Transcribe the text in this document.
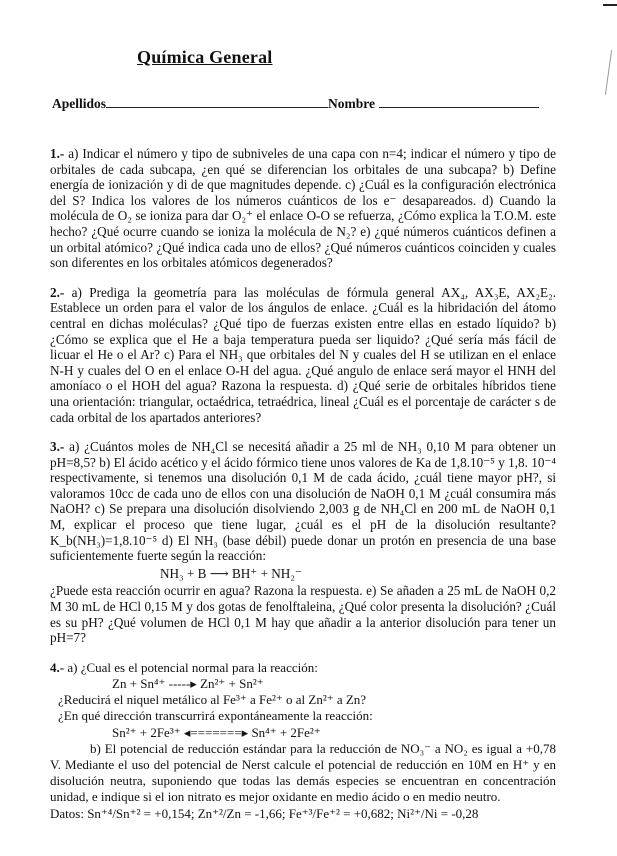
Química General
Apellidos	Nombre
1.- a) Indicar el número y tipo de subniveles de una capa con n=4; indicar el número y tipo de orbitales de cada subcapa, ¿en qué se diferencian los orbitales de una subcapa? b) Define energía de ionización y di de que magnitudes depende. c) ¿Cuál es la configuración electrónica del S? Indica los valores de los números cuánticos de los e⁻ desapareados. d) Cuando la molécula de O₂ se ioniza para dar O₂⁺ el enlace O-O se refuerza, ¿Cómo explica la T.O.M. este hecho? ¿Qué ocurre cuando se ioniza la molécula de N₂? e) ¿qué números cuánticos definen a un orbital atómico? ¿Qué indica cada uno de ellos? ¿Qué números cuánticos coinciden y cuales son diferentes en los orbitales atómicos degenerados?
2.- a) Prediga la geometría para las moléculas de fórmula general AX₄, AX₃E, AX₂E₂. Establece un orden para el valor de los ángulos de enlace. ¿Cuál es la hibridación del átomo central en dichas moléculas? ¿Qué tipo de fuerzas existen entre ellas en estado líquido? b) ¿Cómo se explica que el He a baja temperatura pueda ser liquido? ¿Qué sería más fácil de licuar el He o el Ar? c) Para el NH₃ que orbitales del N y cuales del H se utilizan en el enlace N-H y cuales del O en el enlace O-H del agua. ¿Qué angulo de enlace será mayor el HNH del amoníaco o el HOH del agua? Razona la respuesta. d) ¿Qué serie de orbitales híbridos tiene una orientación: triangular, octaédrica, tetraédrica, lineal ¿Cuál es el porcentaje de carácter s de cada orbital de los apartados anteriores?
3.- a) ¿Cuántos moles de NH₄Cl se necesitá añadir a 25 ml de NH₃ 0,10 M para obtener un pH=8,5? b) El ácido acético y el ácido fórmico tiene unos valores de Ka de 1,8.10⁻⁵ y 1,8. 10⁻⁴ respectivamente, si tenemos una disolución 0,1 M de cada ácido, ¿cuál tiene mayor pH?, si valoramos 10cc de cada uno de ellos con una disolución de NaOH 0,1 M ¿cuál consumira más NaOH? c) Se prepara una disolución disolviendo 2,003 g de NH₄Cl en 200 mL de NaOH 0,1 M, explicar el proceso que tiene lugar, ¿cuál es el pH de la disolución resultante? K_b(NH₃)=1,8.10⁻⁵ d) El NH₃ (base débil) puede donar un protón en presencia de una base suficientemente fuerte según la reacción:
NH₃ + B ⟶ BH⁺ + NH₂⁻
¿Puede esta reacción ocurrir en agua? Razona la respuesta. e) Se añaden a 25 mL de NaOH 0,2 M 30 mL de HCl 0,15 M y dos gotas de fenolftaleina, ¿Qué color presenta la disolución? ¿Cuál es su pH? ¿Qué volumen de HCl 0,1 M hay que añadir a la anterior disolución para tener un pH=7?
4.- a) ¿Cual es el potencial normal para la reacción:
Zn + Sn⁴⁺ -----▸ Zn²⁺ + Sn²⁺
¿Reducirá el niquel metálico al Fe³⁺ a Fe²⁺ o al Zn²⁺ a Zn?
¿En qué dirección transcurrirá expontáneamente la reacción:
Sn²⁺ + 2Fe³⁺ ◂=======▸ Sn⁴⁺ + 2Fe²⁺
b) El potencial de reducción estándar para la reducción de NO₃⁻ a NO₂ es igual a +0,78 V. Mediante el uso del potencial de Nerst calcule el potencial de reducción en 10M en H⁺ y en disolución neutra, suponiendo que todas las demás especies se encuentran en concentración unidad, e indique si el ion nitrato es mejor oxidante en medio ácido o en medio neutro.
Datos: Sn⁺⁴/Sn⁺² = +0,154; Zn⁺²/Zn = -1,66; Fe⁺³/Fe⁺² = +0,682; Ni²⁺/Ni = -0,28
